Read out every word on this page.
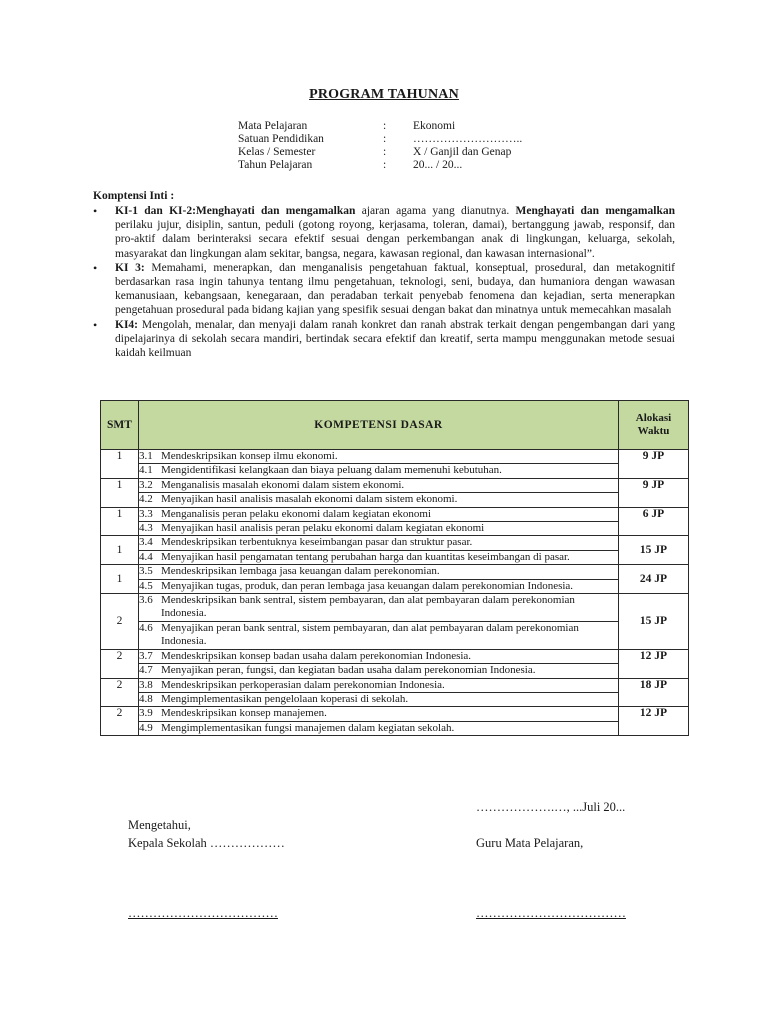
PROGRAM TAHUNAN
Mata Pelajaran	:	Ekonomi
Satuan Pendidikan	:	………………………..
Kelas / Semester	:	X / Ganjil dan Genap
Tahun Pelajaran	:	20... / 20...
Komptensi Inti :
•	KI-1 dan KI-2:Menghayati dan mengamalkan ajaran agama yang dianutnya. Menghayati dan mengamalkan perilaku jujur, disiplin, santun, peduli (gotong royong, kerjasama, toleran, damai), bertanggung jawab, responsif, dan pro-aktif dalam berinteraksi secara efektif sesuai dengan perkembangan anak di lingkungan, keluarga, sekolah, masyarakat dan lingkungan alam sekitar, bangsa, negara, kawasan regional, dan kawasan internasional”.
•	KI 3: Memahami, menerapkan, dan menganalisis pengetahuan faktual, konseptual, prosedural, dan metakognitif berdasarkan rasa ingin tahunya tentang ilmu pengetahuan, teknologi, seni, budaya, dan humaniora dengan wawasan kemanusiaan, kebangsaan, kenegaraan, dan peradaban terkait penyebab fenomena dan kejadian, serta menerapkan pengetahuan prosedural pada bidang kajian yang spesifik sesuai dengan bakat dan minatnya untuk memecahkan masalah
•	KI4: Mengolah, menalar, dan menyaji dalam ranah konkret dan ranah abstrak terkait dengan pengembangan dari yang dipelajarinya di sekolah secara mandiri, bertindak secara efektif dan kreatif, serta mampu menggunakan metode sesuai kaidah keilmuan
SMT	KOMPETENSI DASAR	Alokasi
Waktu
1	3.1 Mendeskripsikan konsep ilmu ekonomi.	9 JP

	4.1 Mengidentifikasi kelangkaan dan biaya peluang dalam memenuhi kebutuhan.	

1	3.2 Menganalisis masalah ekonomi dalam sistem ekonomi.	9 JP

	4.2 Menyajikan hasil analisis masalah ekonomi dalam sistem ekonomi.	

1	3.3 Menganalisis peran pelaku ekonomi dalam kegiatan ekonomi	6 JP

	4.3 Menyajikan hasil analisis peran pelaku ekonomi dalam kegiatan ekonomi	

1	3.4 Mendeskripsikan terbentuknya keseimbangan pasar dan struktur pasar.	15 JP

	4.4 Menyajikan hasil pengamatan tentang perubahan harga dan kuantitas keseimbangan di pasar.	

1	3.5 Mendeskripsikan lembaga jasa keuangan dalam perekonomian.	24 JP

	4.5 Menyajikan tugas, produk, dan peran lembaga jasa keuangan dalam perekonomian Indonesia.	

2	3.6 Mendeskripsikan bank sentral, sistem pembayaran, dan alat pembayaran dalam perekonomian Indonesia.	15 JP

	4.6 Menyajikan peran bank sentral, sistem pembayaran, dan alat pembayaran dalam perekonomian Indonesia.	

2	3.7 Mendeskripsikan konsep badan usaha dalam perekonomian Indonesia.	12 JP

	4.7 Menyajikan peran, fungsi, dan kegiatan badan usaha dalam perekonomian Indonesia.	

2	3.8 Mendeskripsikan perkoperasian dalam perekonomian Indonesia.	18 JP

	4.8 Mengimplementasikan pengelolaan koperasi di sekolah.	

2	3.9 Mendeskripsikan konsep manajemen.	12 JP

	4.9 Mengimplementasikan fungsi manajemen dalam kegiatan sekolah.	
……………….…, ...Juli 20...
Mengetahui,
Kepala Sekolah ………………	Guru Mata Pelajaran,
………………………………	………………………………
